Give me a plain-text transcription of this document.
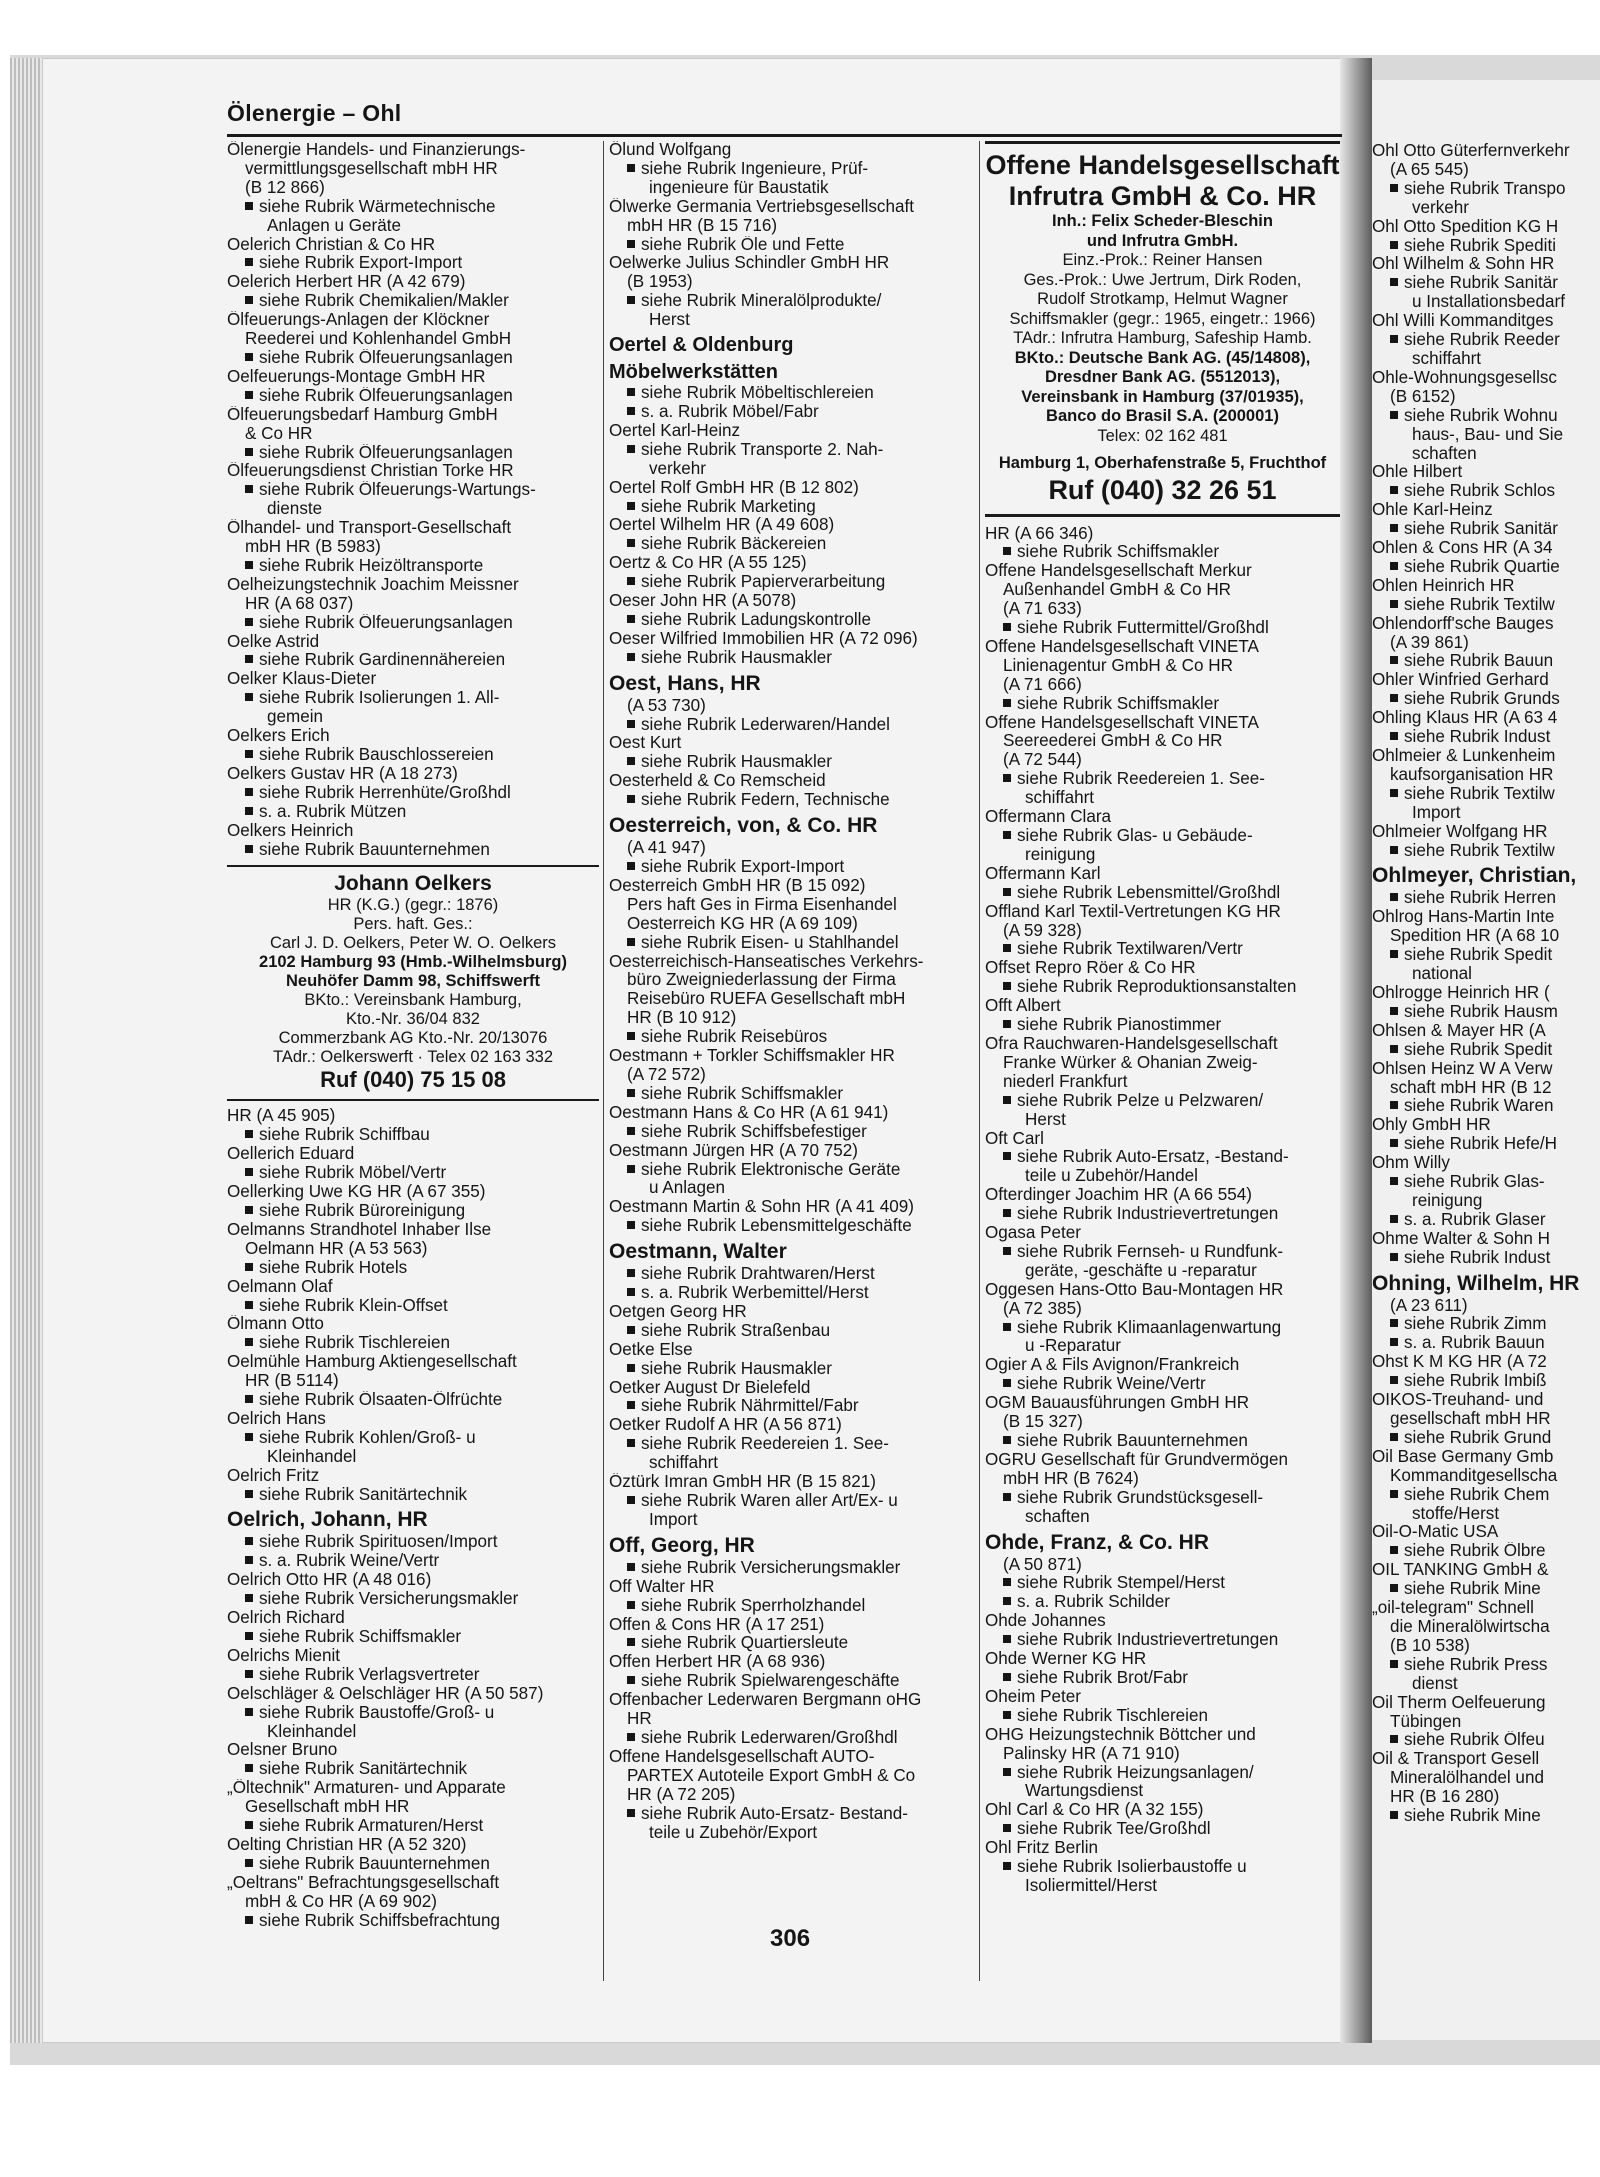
Ölenergie – Ohl
Ölenergie Handels- und Finanzierungs-
vermittlungsgesellschaft mbH HR
(B 12 866)
siehe Rubrik Wärmetechnische
Anlagen u Geräte
Oelerich Christian & Co HR
siehe Rubrik Export-Import
Oelerich Herbert HR (A 42 679)
siehe Rubrik Chemikalien/Makler
Ölfeuerungs-Anlagen der Klöckner
Reederei und Kohlenhandel GmbH
siehe Rubrik Ölfeuerungsanlagen
Oelfeuerungs-Montage GmbH HR
siehe Rubrik Ölfeuerungsanlagen
Ölfeuerungsbedarf Hamburg GmbH
& Co HR
siehe Rubrik Ölfeuerungsanlagen
Ölfeuerungsdienst Christian Torke HR
siehe Rubrik Ölfeuerungs-Wartungs-
dienste
Ölhandel- und Transport-Gesellschaft
mbH HR (B 5983)
siehe Rubrik Heizöltransporte
Oelheizungstechnik Joachim Meissner
HR (A 68 037)
siehe Rubrik Ölfeuerungsanlagen
Oelke Astrid
siehe Rubrik Gardinennähereien
Oelker Klaus-Dieter
siehe Rubrik Isolierungen 1. All-
gemein
Oelkers Erich
siehe Rubrik Bauschlossereien
Oelkers Gustav HR (A 18 273)
siehe Rubrik Herrenhüte/Großhdl
s. a. Rubrik Mützen
Oelkers Heinrich
siehe Rubrik Bauunternehmen
Johann Oelkers
HR (K.G.) (gegr.: 1876)
Pers. haft. Ges.:
Carl J. D. Oelkers, Peter W. O. Oelkers
2102 Hamburg 93 (Hmb.-Wilhelmsburg)
Neuhöfer Damm 98, Schiffswerft
BKto.: Vereinsbank Hamburg,
Kto.-Nr. 36/04 832
Commerzbank AG Kto.-Nr. 20/13076
TAdr.: Oelkerswerft · Telex 02 163 332
Ruf (040) 75 15 08
HR (A 45 905)
siehe Rubrik Schiffbau
Oellerich Eduard
siehe Rubrik Möbel/Vertr
Oellerking Uwe KG HR (A 67 355)
siehe Rubrik Büroreinigung
Oelmanns Strandhotel Inhaber Ilse
Oelmann HR (A 53 563)
siehe Rubrik Hotels
Oelmann Olaf
siehe Rubrik Klein-Offset
Ölmann Otto
siehe Rubrik Tischlereien
Oelmühle Hamburg Aktiengesellschaft
HR (B 5114)
siehe Rubrik Ölsaaten-Ölfrüchte
Oelrich Hans
siehe Rubrik Kohlen/Groß- u
Kleinhandel
Oelrich Fritz
siehe Rubrik Sanitärtechnik
Oelrich, Johann, HR
siehe Rubrik Spirituosen/Import
s. a. Rubrik Weine/Vertr
Oelrich Otto HR (A 48 016)
siehe Rubrik Versicherungsmakler
Oelrich Richard
siehe Rubrik Schiffsmakler
Oelrichs Mienit
siehe Rubrik Verlagsvertreter
Oelschläger & Oelschläger HR (A 50 587)
siehe Rubrik Baustoffe/Groß- u
Kleinhandel
Oelsner Bruno
siehe Rubrik Sanitärtechnik
„Öltechnik" Armaturen- und Apparate
Gesellschaft mbH HR
siehe Rubrik Armaturen/Herst
Oelting Christian HR (A 52 320)
siehe Rubrik Bauunternehmen
„Oeltrans" Befrachtungsgesellschaft
mbH & Co HR (A 69 902)
siehe Rubrik Schiffsbefrachtung
Ölund Wolfgang
siehe Rubrik Ingenieure, Prüf-
ingenieure für Baustatik
Ölwerke Germania Vertriebsgesellschaft
mbH HR (B 15 716)
siehe Rubrik Öle und Fette
Oelwerke Julius Schindler GmbH HR
(B 1953)
siehe Rubrik Mineralölprodukte/
Herst
Oertel & Oldenburg
Möbelwerkstätten
siehe Rubrik Möbeltischlereien
s. a. Rubrik Möbel/Fabr
Oertel Karl-Heinz
siehe Rubrik Transporte 2. Nah-
verkehr
Oertel Rolf GmbH HR (B 12 802)
siehe Rubrik Marketing
Oertel Wilhelm HR (A 49 608)
siehe Rubrik Bäckereien
Oertz & Co HR (A 55 125)
siehe Rubrik Papierverarbeitung
Oeser John HR (A 5078)
siehe Rubrik Ladungskontrolle
Oeser Wilfried Immobilien HR (A 72 096)
siehe Rubrik Hausmakler
Oest, Hans, HR
(A 53 730)
siehe Rubrik Lederwaren/Handel
Oest Kurt
siehe Rubrik Hausmakler
Oesterheld & Co Remscheid
siehe Rubrik Federn, Technische
Oesterreich, von, & Co. HR
(A 41 947)
siehe Rubrik Export-Import
Oesterreich GmbH HR (B 15 092)
Pers haft Ges in Firma Eisenhandel
Oesterreich KG HR (A 69 109)
siehe Rubrik Eisen- u Stahlhandel
Oesterreichisch-Hanseatisches Verkehrs-
büro Zweigniederlassung der Firma
Reisebüro RUEFA Gesellschaft mbH
HR (B 10 912)
siehe Rubrik Reisebüros
Oestmann + Torkler Schiffsmakler HR
(A 72 572)
siehe Rubrik Schiffsmakler
Oestmann Hans & Co HR (A 61 941)
siehe Rubrik Schiffsbefestiger
Oestmann Jürgen HR (A 70 752)
siehe Rubrik Elektronische Geräte
u Anlagen
Oestmann Martin & Sohn HR (A 41 409)
siehe Rubrik Lebensmittelgeschäfte
Oestmann, Walter
siehe Rubrik Drahtwaren/Herst
s. a. Rubrik Werbemittel/Herst
Oetgen Georg HR
siehe Rubrik Straßenbau
Oetke Else
siehe Rubrik Hausmakler
Oetker August Dr Bielefeld
siehe Rubrik Nährmittel/Fabr
Oetker Rudolf A HR (A 56 871)
siehe Rubrik Reedereien 1. See-
schiffahrt
Öztürk Imran GmbH HR (B 15 821)
siehe Rubrik Waren aller Art/Ex- u
Import
Off, Georg, HR
siehe Rubrik Versicherungsmakler
Off Walter HR
siehe Rubrik Sperrholzhandel
Offen & Cons HR (A 17 251)
siehe Rubrik Quartiersleute
Offen Herbert HR (A 68 936)
siehe Rubrik Spielwarengeschäfte
Offenbacher Lederwaren Bergmann oHG
HR
siehe Rubrik Lederwaren/Großhdl
Offene Handelsgesellschaft AUTO-
PARTEX Autoteile Export GmbH & Co
HR (A 72 205)
siehe Rubrik Auto-Ersatz- Bestand-
teile u Zubehör/Export
Offene Handelsgesellschaft
Infrutra GmbH & Co. HR
Inh.: Felix Scheder-Bleschin
und Infrutra GmbH.
Einz.-Prok.: Reiner Hansen
Ges.-Prok.: Uwe Jertrum, Dirk Roden,
Rudolf Strotkamp, Helmut Wagner
Schiffsmakler (gegr.: 1965, eingetr.: 1966)
TAdr.: Infrutra Hamburg, Safeship Hamb.
BKto.: Deutsche Bank AG. (45/14808),
Dresdner Bank AG. (5512013),
Vereinsbank in Hamburg (37/01935),
Banco do Brasil S.A. (200001)
Telex: 02 162 481
Hamburg 1, Oberhafenstraße 5, Fruchthof
Ruf (040) 32 26 51
HR (A 66 346)
siehe Rubrik Schiffsmakler
Offene Handelsgesellschaft Merkur
Außenhandel GmbH & Co HR
(A 71 633)
siehe Rubrik Futtermittel/Großhdl
Offene Handelsgesellschaft VINETA
Linienagentur GmbH & Co HR
(A 71 666)
siehe Rubrik Schiffsmakler
Offene Handelsgesellschaft VINETA
Seereederei GmbH & Co HR
(A 72 544)
siehe Rubrik Reedereien 1. See-
schiffahrt
Offermann Clara
siehe Rubrik Glas- u Gebäude-
reinigung
Offermann Karl
siehe Rubrik Lebensmittel/Großhdl
Offland Karl Textil-Vertretungen KG HR
(A 59 328)
siehe Rubrik Textilwaren/Vertr
Offset Repro Röer & Co HR
siehe Rubrik Reproduktionsanstalten
Offt Albert
siehe Rubrik Pianostimmer
Ofra Rauchwaren-Handelsgesellschaft
Franke Würker & Ohanian Zweig-
niederl Frankfurt
siehe Rubrik Pelze u Pelzwaren/
Herst
Oft Carl
siehe Rubrik Auto-Ersatz, -Bestand-
teile u Zubehör/Handel
Ofterdinger Joachim HR (A 66 554)
siehe Rubrik Industrievertretungen
Ogasa Peter
siehe Rubrik Fernseh- u Rundfunk-
geräte, -geschäfte u -reparatur
Oggesen Hans-Otto Bau-Montagen HR
(A 72 385)
siehe Rubrik Klimaanlagenwartung
u -Reparatur
Ogier A & Fils Avignon/Frankreich
siehe Rubrik Weine/Vertr
OGM Bauausführungen GmbH HR
(B 15 327)
siehe Rubrik Bauunternehmen
OGRU Gesellschaft für Grundvermögen
mbH HR (B 7624)
siehe Rubrik Grundstücksgesell-
schaften
Ohde, Franz, & Co. HR
(A 50 871)
siehe Rubrik Stempel/Herst
s. a. Rubrik Schilder
Ohde Johannes
siehe Rubrik Industrievertretungen
Ohde Werner KG HR
siehe Rubrik Brot/Fabr
Oheim Peter
siehe Rubrik Tischlereien
OHG Heizungstechnik Böttcher und
Palinsky HR (A 71 910)
siehe Rubrik Heizungsanlagen/
Wartungsdienst
Ohl Carl & Co HR (A 32 155)
siehe Rubrik Tee/Großhdl
Ohl Fritz Berlin
siehe Rubrik Isolierbaustoffe u
Isoliermittel/Herst
Ohl Otto Güterfernverkehr
(A 65 545)
siehe Rubrik Transpo
verkehr
Ohl Otto Spedition KG H
siehe Rubrik Spediti
Ohl Wilhelm & Sohn HR
siehe Rubrik Sanitär
u Installationsbedarf
Ohl Willi Kommanditges
siehe Rubrik Reeder
schiffahrt
Ohle-Wohnungsgesellsc
(B 6152)
siehe Rubrik Wohnu
haus-, Bau- und Sie
schaften
Ohle Hilbert
siehe Rubrik Schlos
Ohle Karl-Heinz
siehe Rubrik Sanitär
Ohlen & Cons HR (A 34
siehe Rubrik Quartie
Ohlen Heinrich HR
siehe Rubrik Textilw
Ohlendorff'sche Bauges
(A 39 861)
siehe Rubrik Bauun
Ohler Winfried Gerhard
siehe Rubrik Grunds
Ohling Klaus HR (A 63 4
siehe Rubrik Indust
Ohlmeier & Lunkenheim
kaufsorganisation HR
siehe Rubrik Textilw
Import
Ohlmeier Wolfgang HR
siehe Rubrik Textilw
Ohlmeyer, Christian,
siehe Rubrik Herren
Ohlrog Hans-Martin Inte
Spedition HR (A 68 10
siehe Rubrik Spedit
national
Ohlrogge Heinrich HR (
siehe Rubrik Hausm
Ohlsen & Mayer HR (A
siehe Rubrik Spedit
Ohlsen Heinz W A Verw
schaft mbH HR (B 12
siehe Rubrik Waren
Ohly GmbH HR
siehe Rubrik Hefe/H
Ohm Willy
siehe Rubrik Glas-
reinigung
s. a. Rubrik Glaser
Ohme Walter & Sohn H
siehe Rubrik Indust
Ohning, Wilhelm, HR
(A 23 611)
siehe Rubrik Zimm
s. a. Rubrik Bauun
Ohst K M KG HR (A 72
siehe Rubrik Imbiß
OIKOS-Treuhand- und
gesellschaft mbH HR
siehe Rubrik Grund
Oil Base Germany Gmb
Kommanditgesellscha
siehe Rubrik Chem
stoffe/Herst
Oil-O-Matic USA
siehe Rubrik Ölbre
OIL TANKING GmbH &
siehe Rubrik Mine
„oil-telegram" Schnell
die Mineralölwirtscha
(B 10 538)
siehe Rubrik Press
dienst
Oil Therm Oelfeuerung
Tübingen
siehe Rubrik Ölfeu
Oil & Transport Gesell
Mineralölhandel und
HR (B 16 280)
siehe Rubrik Mine
306
